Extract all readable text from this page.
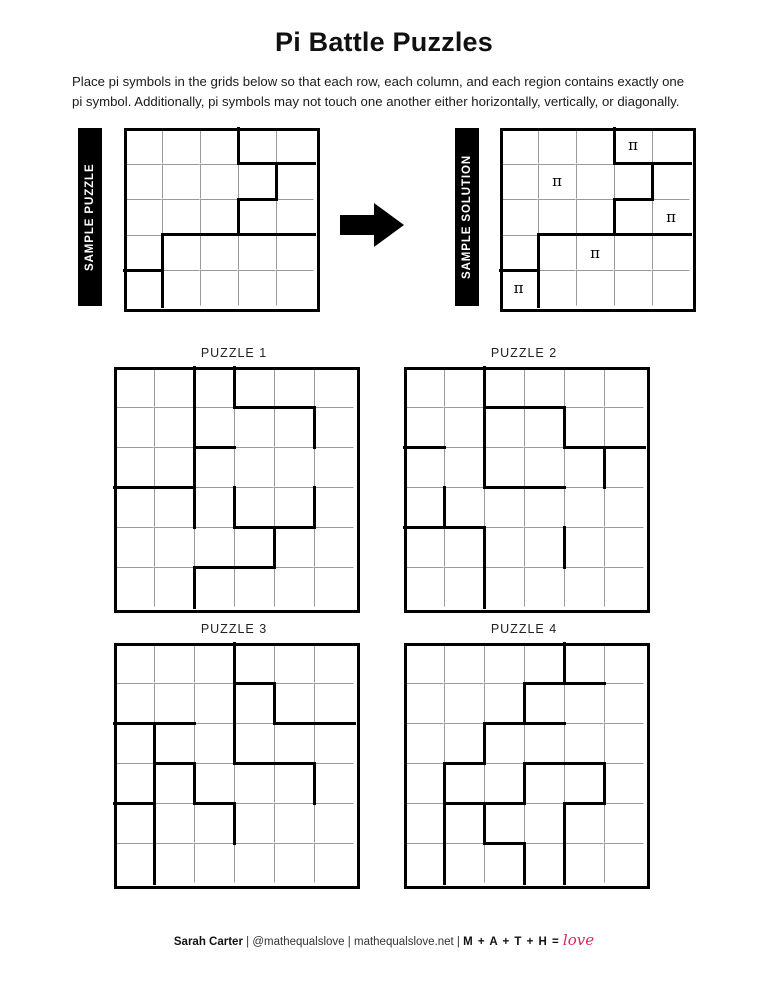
Pi Battle Puzzles

Place pi symbols in the grids below so that each row, each column, and each region contains exactly one pi symbol. Additionally, pi symbols may not touch one another either horizontally, vertically, or diagonally.

SAMPLE PUZZLE	SAMPLE SOLUTION
π
π
π
π
π
PUZZLE 1	PUZZLE 2
PUZZLE 3	PUZZLE 4
Sarah Carter | @mathequalslove | mathequalslove.net | M + A + T + H = love
